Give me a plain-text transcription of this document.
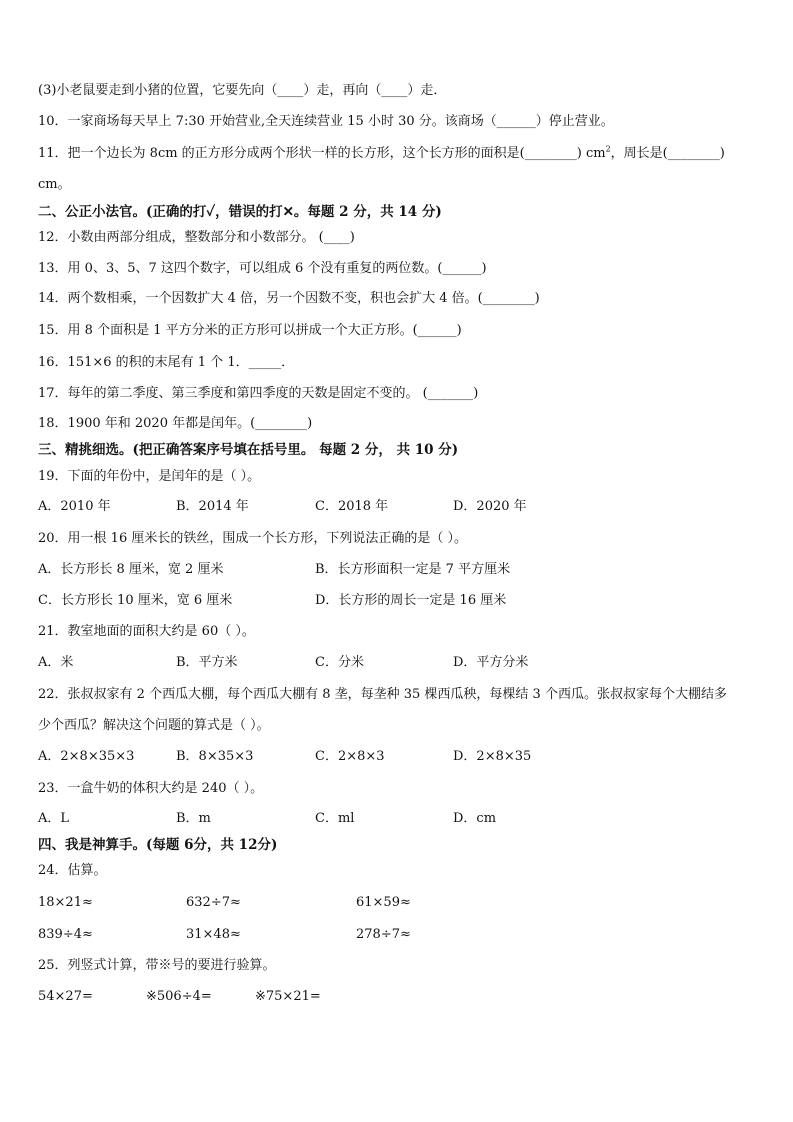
(3)小老鼠要走到小猪的位置，它要先向（____）走，再向（____）走．
10．一家商场每天早上 7:30 开始营业,全天连续营业 15 小时 30 分。该商场（______）停止营业。
11．把一个边长为 8cm 的正方形分成两个形状一样的长方形，这个长方形的面积是(________) $cm^2$，周长是(________)
cm。
二、公正小法官。(正确的打✓，错误的打✕。每题 2 分，共 14 分)
12．小数由两部分组成，整数部分和小数部分。 (____)
13．用 0、3、5、7 这四个数字，可以组成 6 个没有重复的两位数。(______)
14．两个数相乘，一个因数扩大 4 倍，另一个因数不变，积也会扩大 4 倍。(________)
15．用 8 个面积是 1 平方分米的正方形可以拼成一个大正方形。(______)
16．151×6 的积的末尾有 1 个 1．_____．
17．每年的第二季度、第三季度和第四季度的天数是固定不变的。 (_______)
18．1900 年和 2020 年都是闰年。(________)
三、精挑细选。(把正确答案序号填在括号里。 每题 2 分， 共 10 分)
19．下面的年份中，是闰年的是（ ）。
A．2010 年	B．2014 年	C．2018 年	D．2020 年
20．用一根 16 厘米长的铁丝，围成一个长方形，下列说法正确的是（ ）。
A．长方形长 8 厘米，宽 2 厘米	B．长方形面积一定是 7 平方厘米
C．长方形长 10 厘米，宽 6 厘米	D．长方形的周长一定是 16 厘米
21．教室地面的面积大约是 60（ ）。
A．米	B．平方米	C．分米	D．平方分米
22．张叔叔家有 2 个西瓜大棚，每个西瓜大棚有 8 垄，每垄种 35 棵西瓜秧，每棵结 3 个西瓜。张叔叔家每个大棚结多
少个西瓜？解决这个问题的算式是（ ）。
A．2×8×35×3	B．8×35×3	C．2×8×3	D．2×8×35
23．一盒牛奶的体积大约是 240（ ）。
A．L	B．m	C．ml	D．cm
四、我是神算手。(每题 6分，共 12分)
24．估算。
18×21≈	632÷7≈	61×59≈
839÷4≈	31×48≈	278÷7≈
25．列竖式计算，带※号的要进行验算。
54×27=	※506÷4=	※75×21=
